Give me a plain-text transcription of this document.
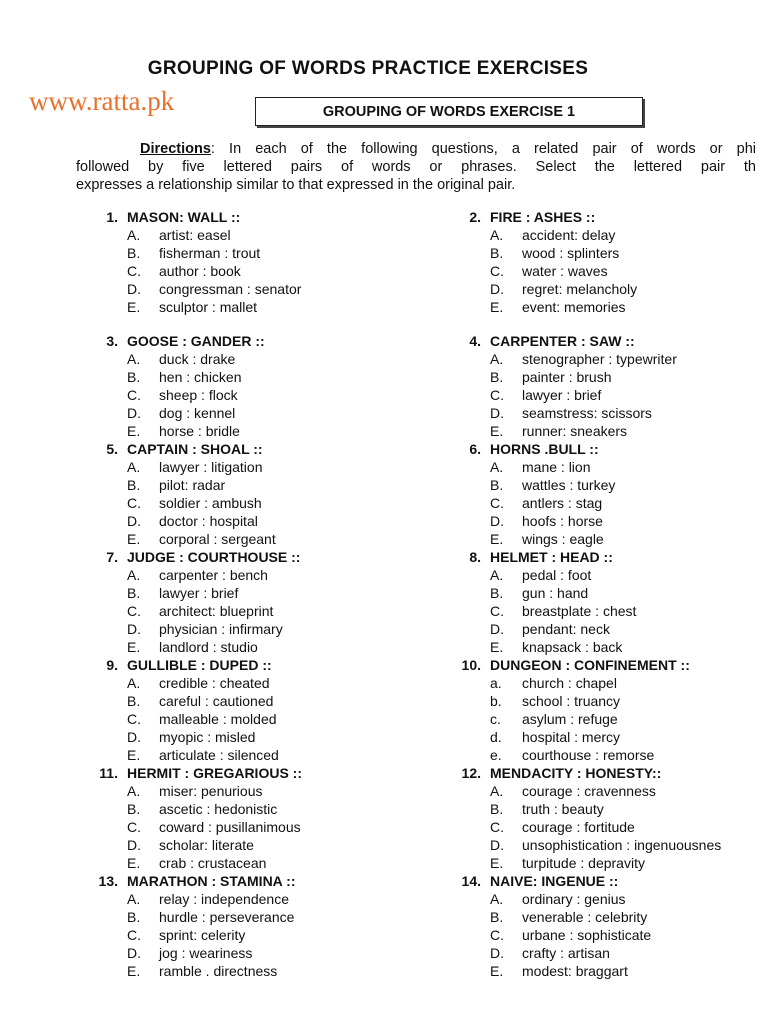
GROUPING OF WORDS PRACTICE EXERCISES
www.ratta.pk	GROUPING OF WORDS EXERCISE 1
Directions: In each of the following questions, a related pair of words or phi
followed by five lettered pairs of words or phrases. Select the lettered pair th
expresses a relationship similar to that expressed in the original pair.
1. MASON: WALL ::
A.	artist: easel
B.	fisherman : trout
C.	author : book
D.	congressman : senator
E.	sculptor : mallet
2. FIRE : ASHES ::
A.	accident: delay
B.	wood : splinters
C.	water : waves
D.	regret: melancholy
E.	event: memories
3. GOOSE : GANDER ::
A.	duck : drake
B.	hen : chicken
C.	sheep : flock
D.	dog : kennel
E.	horse : bridle
4. CARPENTER : SAW ::
A.	stenographer : typewriter
B.	painter : brush
C.	lawyer : brief
D.	seamstress: scissors
E.	runner: sneakers
5. CAPTAIN : SHOAL ::
A.	lawyer : litigation
B.	pilot: radar
C.	soldier : ambush
D.	doctor : hospital
E.	corporal : sergeant
6. HORNS .BULL ::
A.	mane : lion
B.	wattles : turkey
C.	antlers : stag
D.	hoofs : horse
E.	wings : eagle
7. JUDGE : COURTHOUSE ::
A.	carpenter : bench
B.	lawyer : brief
C.	architect: blueprint
D.	physician : infirmary
E.	landlord : studio
8. HELMET : HEAD ::
A.	pedal : foot
B.	gun : hand
C.	breastplate : chest
D.	pendant: neck
E.	knapsack : back
9. GULLIBLE : DUPED ::
A.	credible : cheated
B.	careful : cautioned
C.	malleable : molded
D.	myopic : misled
E.	articulate : silenced
10. DUNGEON : CONFINEMENT ::
a.	church : chapel
b.	school : truancy
c.	asylum : refuge
d.	hospital : mercy
e.	courthouse : remorse
11. HERMIT : GREGARIOUS ::
A.	miser: penurious
B.	ascetic : hedonistic
C.	coward : pusillanimous
D.	scholar: literate
E.	crab : crustacean
12. MENDACITY : HONESTY::
A.	courage : cravenness
B.	truth : beauty
C.	courage : fortitude
D.	unsophistication : ingenuousnes
E.	turpitude : depravity
13. MARATHON : STAMINA ::
A.	relay : independence
B.	hurdle : perseverance
C.	sprint: celerity
D.	jog : weariness
E.	ramble . directness
14. NAIVE: INGENUE ::
A.	ordinary : genius
B.	venerable : celebrity
C.	urbane : sophisticate
D.	crafty : artisan
E.	modest: braggart
